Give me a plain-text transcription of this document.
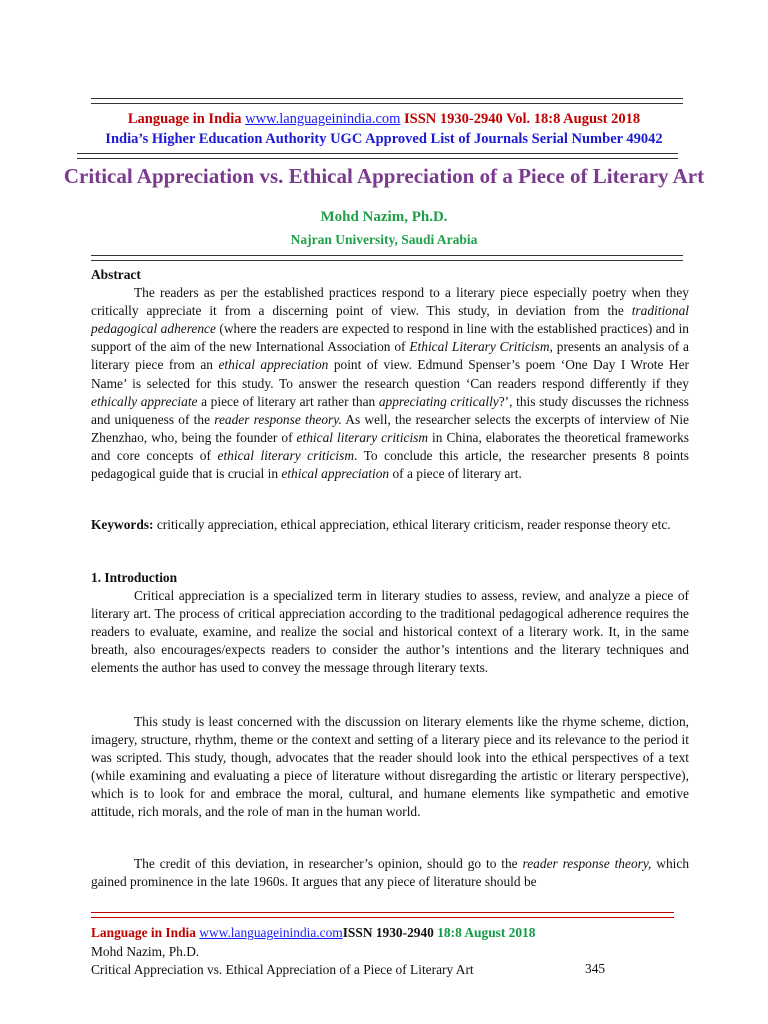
Language in India www.languageinindia.com ISSN 1930-2940 Vol. 18:8 August 2018
India’s Higher Education Authority UGC Approved List of Journals Serial Number 49042
Critical Appreciation vs. Ethical Appreciation of a Piece of Literary Art
Mohd Nazim, Ph.D.
Najran University, Saudi Arabia
Abstract

The readers as per the established practices respond to a literary piece especially poetry when they critically appreciate it from a discerning point of view. This study, in deviation from the traditional pedagogical adherence (where the readers are expected to respond in line with the established practices) and in support of the aim of the new International Association of Ethical Literary Criticism, presents an analysis of a literary piece from an ethical appreciation point of view. Edmund Spenser’s poem ‘One Day I Wrote Her Name’ is selected for this study. To answer the research question ‘Can readers respond differently if they ethically appreciate a piece of literary art rather than appreciating critically?’, this study discusses the richness and uniqueness of the reader response theory. As well, the researcher selects the excerpts of interview of Nie Zhenzhao, who, being the founder of ethical literary criticism in China, elaborates the theoretical frameworks and core concepts of ethical literary criticism. To conclude this article, the researcher presents 8 points pedagogical guide that is crucial in ethical appreciation of a piece of literary art.

Keywords: critically appreciation, ethical appreciation, ethical literary criticism, reader response theory etc.

1. Introduction

Critical appreciation is a specialized term in literary studies to assess, review, and analyze a piece of literary art. The process of critical appreciation according to the traditional pedagogical adherence requires the readers to evaluate, examine, and realize the social and historical context of a literary work. It, in the same breath, also encourages/expects readers to consider the author’s intentions and the literary techniques and elements the author has used to convey the message through literary texts.

This study is least concerned with the discussion on literary elements like the rhyme scheme, diction, imagery, structure, rhythm, theme or the context and setting of a literary piece and its relevance to the period it was scripted. This study, though, advocates that the reader should look into the ethical perspectives of a text (while examining and evaluating a piece of literature without disregarding the artistic or literary perspective), which is to look for and embrace the moral, cultural, and humane elements like sympathetic and emotive attitude, rich morals, and the role of man in the human world.

The credit of this deviation, in researcher’s opinion, should go to the reader response theory, which gained prominence in the late 1960s. It argues that any piece of literature should be

Language in India www.languageinindia.comISSN 1930-2940 18:8 August 2018
Mohd Nazim, Ph.D.
Critical Appreciation vs. Ethical Appreciation of a Piece of Literary Art	345
